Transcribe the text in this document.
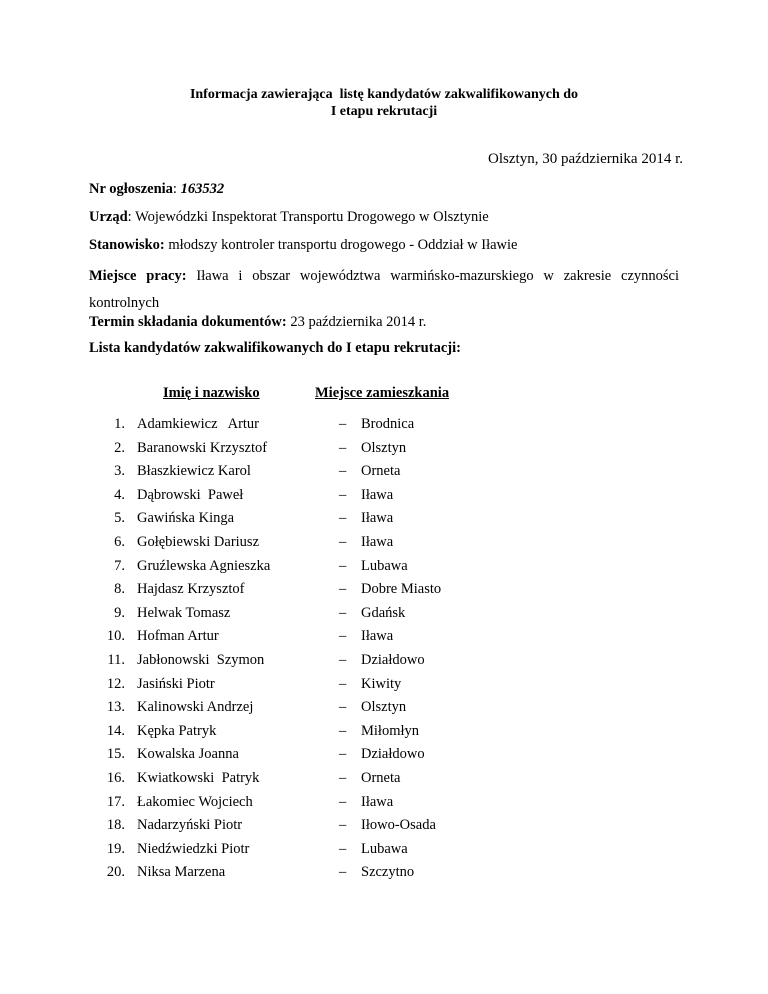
Informacja zawierająca  listę kandydatów zakwalifikowanych do
I etapu rekrutacji
Olsztyn, 30 października 2014 r.
Nr ogłoszenia: 163532
Urząd: Wojewódzki Inspektorat Transportu Drogowego w Olsztynie
Stanowisko: młodszy kontroler transportu drogowego - Oddział w Iławie
Miejsce pracy: Iława i obszar województwa warmińsko-mazurskiego w zakresie czynności kontrolnych
Termin składania dokumentów: 23 października 2014 r.
Lista kandydatów zakwalifikowanych do I etapu rekrutacji:
Imię i nazwisko	Miejsce zamieszkania
1. Adamkiewicz   Artur	– Brodnica
2. Baranowski Krzysztof	– Olsztyn
3. Błaszkiewicz Karol	– Orneta
4. Dąbrowski  Paweł	– Iława
5. Gawińska Kinga	– Iława
6. Gołębiewski Dariusz	– Iława
7. Gruźlewska Agnieszka	– Lubawa
8. Hajdasz Krzysztof	– Dobre Miasto
9. Helwak Tomasz	– Gdańsk
10. Hofman Artur	– Iława
11. Jabłonowski  Szymon	– Działdowo
12. Jasiński Piotr	– Kiwity
13. Kalinowski Andrzej	– Olsztyn
14. Kępka Patryk	– Miłomłyn
15. Kowalska Joanna	– Działdowo
16. Kwiatkowski  Patryk	– Orneta
17. Łakomiec Wojciech	– Iława
18. Nadarzyński Piotr	– Iłowo-Osada
19. Niedźwiedzki Piotr	– Lubawa
20. Niksa Marzena	– Szczytno
